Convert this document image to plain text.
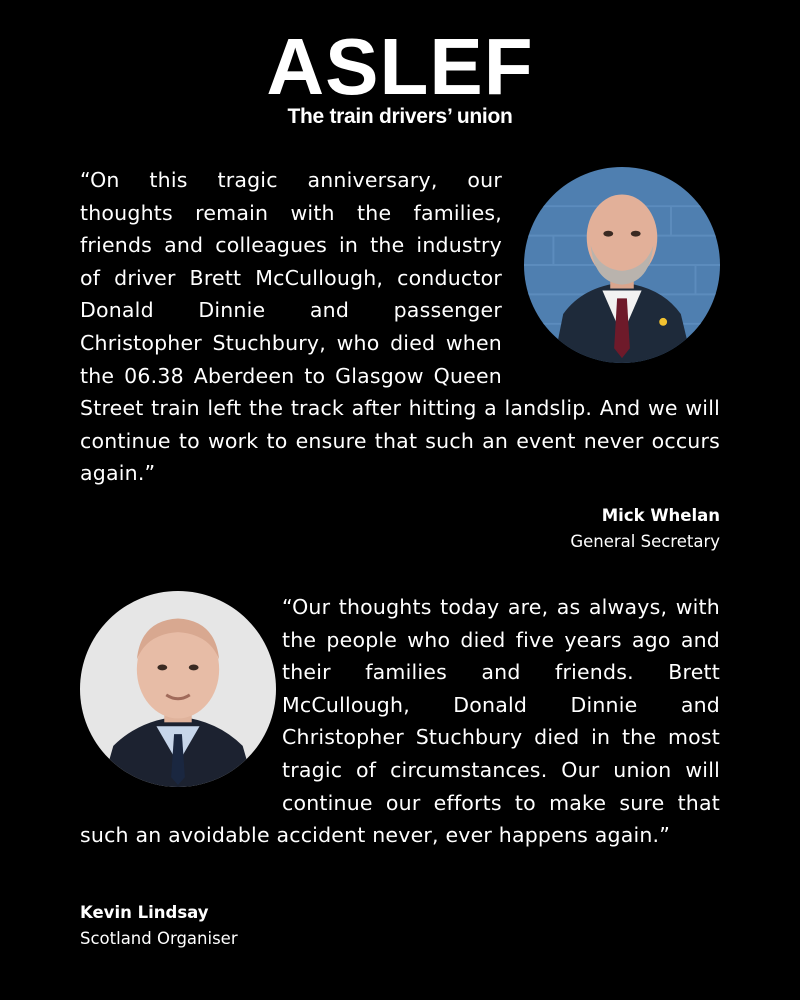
ASLEF
The train drivers’ union
“On this tragic anniversary, our thoughts remain with the families, friends and colleagues in the industry of driver Brett McCullough, conductor Donald Dinnie and passenger Christopher Stuchbury, who died when the 06.38 Aberdeen to Glasgow Queen Street train left the track after hitting a landslip. And we will continue to work to ensure that such an event never occurs again.”
Mick Whelan
General Secretary
“Our thoughts today are, as always, with the people who died five years ago and their families and friends. Brett McCullough, Donald Dinnie and Christopher Stuchbury died in the most tragic of circumstances. Our union will continue our efforts to make sure that such an avoidable accident never, ever happens again.”
Kevin Lindsay
Scotland Organiser
